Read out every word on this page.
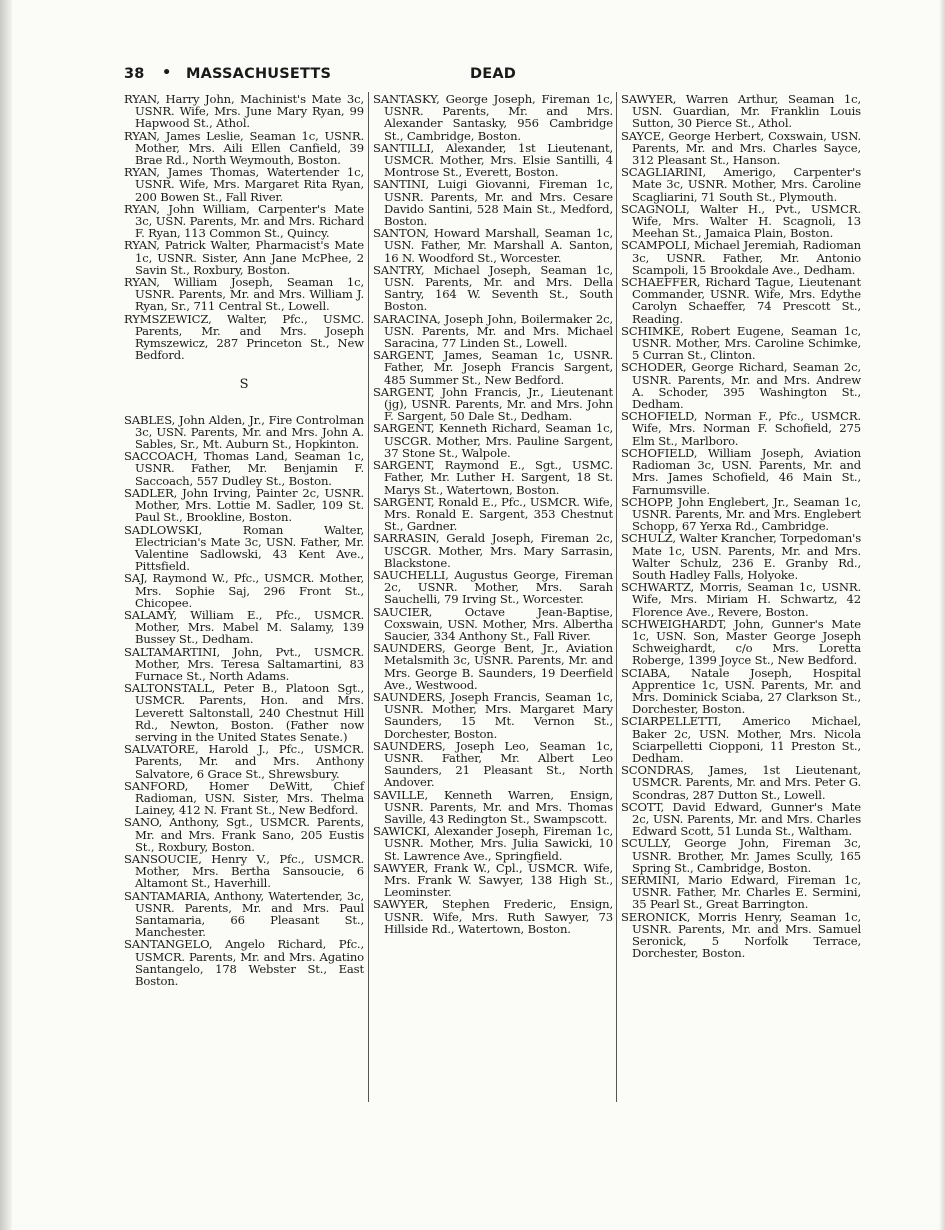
38 • MASSACHUSETTS	DEAD
RYAN, Harry John, Machinist's Mate 3c, USNR. Wife, Mrs. June Mary Ryan, 99 Hapwood St., Athol.
RYAN, James Leslie, Seaman 1c, USNR. Mother, Mrs. Aili Ellen Canfield, 39 Brae Rd., North Weymouth, Boston.
RYAN, James Thomas, Watertender 1c, USNR. Wife, Mrs. Margaret Rita Ryan, 200 Bowen St., Fall River.
RYAN, John William, Carpenter's Mate 3c, USN. Parents, Mr. and Mrs. Richard F. Ryan, 113 Common St., Quincy.
RYAN, Patrick Walter, Pharmacist's Mate 1c, USNR. Sister, Ann Jane McPhee, 2 Savin St., Roxbury, Boston.
RYAN, William Joseph, Seaman 1c, USNR. Parents, Mr. and Mrs. William J. Ryan, Sr., 711 Central St., Lowell.
RYMSZEWICZ, Walter, Pfc., USMC. Parents, Mr. and Mrs. Joseph Rymszewicz, 287 Princeton St., New Bedford.
S
SABLES, John Alden, Jr., Fire Controlman 3c, USN. Parents, Mr. and Mrs. John A. Sables, Sr., Mt. Auburn St., Hopkinton.
SACCOACH, Thomas Land, Seaman 1c, USNR. Father, Mr. Benjamin F. Saccoach, 557 Dudley St., Boston.
SADLER, John Irving, Painter 2c, USNR. Mother, Mrs. Lottie M. Sadler, 109 St. Paul St., Brookline, Boston.
SADLOWSKI, Roman Walter, Electrician's Mate 3c, USN. Father, Mr. Valentine Sadlowski, 43 Kent Ave., Pittsfield.
SAJ, Raymond W., Pfc., USMCR. Mother, Mrs. Sophie Saj, 296 Front St., Chicopee.
SALAMY, William E., Pfc., USMCR. Mother, Mrs. Mabel M. Salamy, 139 Bussey St., Dedham.
SALTAMARTINI, John, Pvt., USMCR. Mother, Mrs. Teresa Saltamartini, 83 Furnace St., North Adams.
SALTONSTALL, Peter B., Platoon Sgt., USMCR. Parents, Hon. and Mrs. Leverett Saltonstall, 240 Chestnut Hill Rd., Newton, Boston. (Father now serving in the United States Senate.)
SALVATORE, Harold J., Pfc., USMCR. Parents, Mr. and Mrs. Anthony Salvatore, 6 Grace St., Shrewsbury.
SANFORD, Homer DeWitt, Chief Radioman, USN. Sister, Mrs. Thelma Lainey, 412 N. Frant St., New Bedford.
SANO, Anthony, Sgt., USMCR. Parents, Mr. and Mrs. Frank Sano, 205 Eustis St., Roxbury, Boston.
SANSOUCIE, Henry V., Pfc., USMCR. Mother, Mrs. Bertha Sansoucie, 6 Altamont St., Haverhill.
SANTAMARIA, Anthony, Watertender, 3c, USNR. Parents, Mr. and Mrs. Paul Santamaria, 66 Pleasant St., Manchester.
SANTANGELO, Angelo Richard, Pfc., USMCR. Parents, Mr. and Mrs. Agatino Santangelo, 178 Webster St., East Boston.
SANTASKY, George Joseph, Fireman 1c, USNR. Parents, Mr. and Mrs. Alexander Santasky, 956 Cambridge St., Cambridge, Boston.
SANTILLI, Alexander, 1st Lieutenant, USMCR. Mother, Mrs. Elsie Santilli, 4 Montrose St., Everett, Boston.
SANTINI, Luigi Giovanni, Fireman 1c, USNR. Parents, Mr. and Mrs. Cesare Davido Santini, 528 Main St., Medford, Boston.
SANTON, Howard Marshall, Seaman 1c, USN. Father, Mr. Marshall A. Santon, 16 N. Woodford St., Worcester.
SANTRY, Michael Joseph, Seaman 1c, USN. Parents, Mr. and Mrs. Della Santry, 164 W. Seventh St., South Boston.
SARACINA, Joseph John, Boilermaker 2c, USN. Parents, Mr. and Mrs. Michael Saracina, 77 Linden St., Lowell.
SARGENT, James, Seaman 1c, USNR. Father, Mr. Joseph Francis Sargent, 485 Summer St., New Bedford.
SARGENT, John Francis, Jr., Lieutenant (jg), USNR. Parents, Mr. and Mrs. John F. Sargent, 50 Dale St., Dedham.
SARGENT, Kenneth Richard, Seaman 1c, USCGR. Mother, Mrs. Pauline Sargent, 37 Stone St., Walpole.
SARGENT, Raymond E., Sgt., USMC. Father, Mr. Luther H. Sargent, 18 St. Marys St., Watertown, Boston.
SARGENT, Ronald E., Pfc., USMCR. Wife, Mrs. Ronald E. Sargent, 353 Chestnut St., Gardner.
SARRASIN, Gerald Joseph, Fireman 2c, USCGR. Mother, Mrs. Mary Sarrasin, Blackstone.
SAUCHELLI, Augustus George, Fireman 2c, USNR. Mother, Mrs. Sarah Sauchelli, 79 Irving St., Worcester.
SAUCIER, Octave Jean-Baptise, Coxswain, USN. Mother, Mrs. Albertha Saucier, 334 Anthony St., Fall River.
SAUNDERS, George Bent, Jr., Aviation Metalsmith 3c, USNR. Parents, Mr. and Mrs. George B. Saunders, 19 Deerfield Ave., Westwood.
SAUNDERS, Joseph Francis, Seaman 1c, USNR. Mother, Mrs. Margaret Mary Saunders, 15 Mt. Vernon St., Dorchester, Boston.
SAUNDERS, Joseph Leo, Seaman 1c, USNR. Father, Mr. Albert Leo Saunders, 21 Pleasant St., North Andover.
SAVILLE, Kenneth Warren, Ensign, USNR. Parents, Mr. and Mrs. Thomas Saville, 43 Redington St., Swampscott.
SAWICKI, Alexander Joseph, Fireman 1c, USNR. Mother, Mrs. Julia Sawicki, 10 St. Lawrence Ave., Springfield.
SAWYER, Frank W., Cpl., USMCR. Wife, Mrs. Frank W. Sawyer, 138 High St., Leominster.
SAWYER, Stephen Frederic, Ensign, USNR. Wife, Mrs. Ruth Sawyer, 73 Hillside Rd., Watertown, Boston.
SAWYER, Warren Arthur, Seaman 1c, USN. Guardian, Mr. Franklin Louis Sutton, 30 Pierce St., Athol.
SAYCE, George Herbert, Coxswain, USN. Parents, Mr. and Mrs. Charles Sayce, 312 Pleasant St., Hanson.
SCAGLIARINI, Amerigo, Carpenter's Mate 3c, USNR. Mother, Mrs. Caroline Scagliarini, 71 South St., Plymouth.
SCAGNOLI, Walter H., Pvt., USMCR. Wife, Mrs. Walter H. Scagnoli, 13 Meehan St., Jamaica Plain, Boston.
SCAMPOLI, Michael Jeremiah, Radioman 3c, USNR. Father, Mr. Antonio Scampoli, 15 Brookdale Ave., Dedham.
SCHAEFFER, Richard Tague, Lieutenant Commander, USNR. Wife, Mrs. Edythe Carolyn Schaeffer, 74 Prescott St., Reading.
SCHIMKE, Robert Eugene, Seaman 1c, USNR. Mother, Mrs. Caroline Schimke, 5 Curran St., Clinton.
SCHODER, George Richard, Seaman 2c, USNR. Parents, Mr. and Mrs. Andrew A. Schoder, 395 Washington St., Dedham.
SCHOFIELD, Norman F., Pfc., USMCR. Wife, Mrs. Norman F. Schofield, 275 Elm St., Marlboro.
SCHOFIELD, William Joseph, Aviation Radioman 3c, USN. Parents, Mr. and Mrs. James Schofield, 46 Main St., Farnumsville.
SCHOPP, John Englebert, Jr., Seaman 1c, USNR. Parents, Mr. and Mrs. Englebert Schopp, 67 Yerxa Rd., Cambridge.
SCHULZ, Walter Krancher, Torpedoman's Mate 1c, USN. Parents, Mr. and Mrs. Walter Schulz, 236 E. Granby Rd., South Hadley Falls, Holyoke.
SCHWARTZ, Morris, Seaman 1c, USNR. Wife, Mrs. Miriam H. Schwartz, 42 Florence Ave., Revere, Boston.
SCHWEIGHARDT, John, Gunner's Mate 1c, USN. Son, Master George Joseph Schweighardt, c/o Mrs. Loretta Roberge, 1399 Joyce St., New Bedford.
SCIABA, Natale Joseph, Hospital Apprentice 1c, USN. Parents, Mr. and Mrs. Dominick Sciaba, 27 Clarkson St., Dorchester, Boston.
SCIARPELLETTI, Americo Michael, Baker 2c, USN. Mother, Mrs. Nicola Sciarpelletti Ciopponi, 11 Preston St., Dedham.
SCONDRAS, James, 1st Lieutenant, USMCR. Parents, Mr. and Mrs. Peter G. Scondras, 287 Dutton St., Lowell.
SCOTT, David Edward, Gunner's Mate 2c, USN. Parents, Mr. and Mrs. Charles Edward Scott, 51 Lunda St., Waltham.
SCULLY, George John, Fireman 3c, USNR. Brother, Mr. James Scully, 165 Spring St., Cambridge, Boston.
SERMINI, Mario Edward, Fireman 1c, USNR. Father, Mr. Charles E. Sermini, 35 Pearl St., Great Barrington.
SERONICK, Morris Henry, Seaman 1c, USNR. Parents, Mr. and Mrs. Samuel Seronick, 5 Norfolk Terrace, Dorchester, Boston.
